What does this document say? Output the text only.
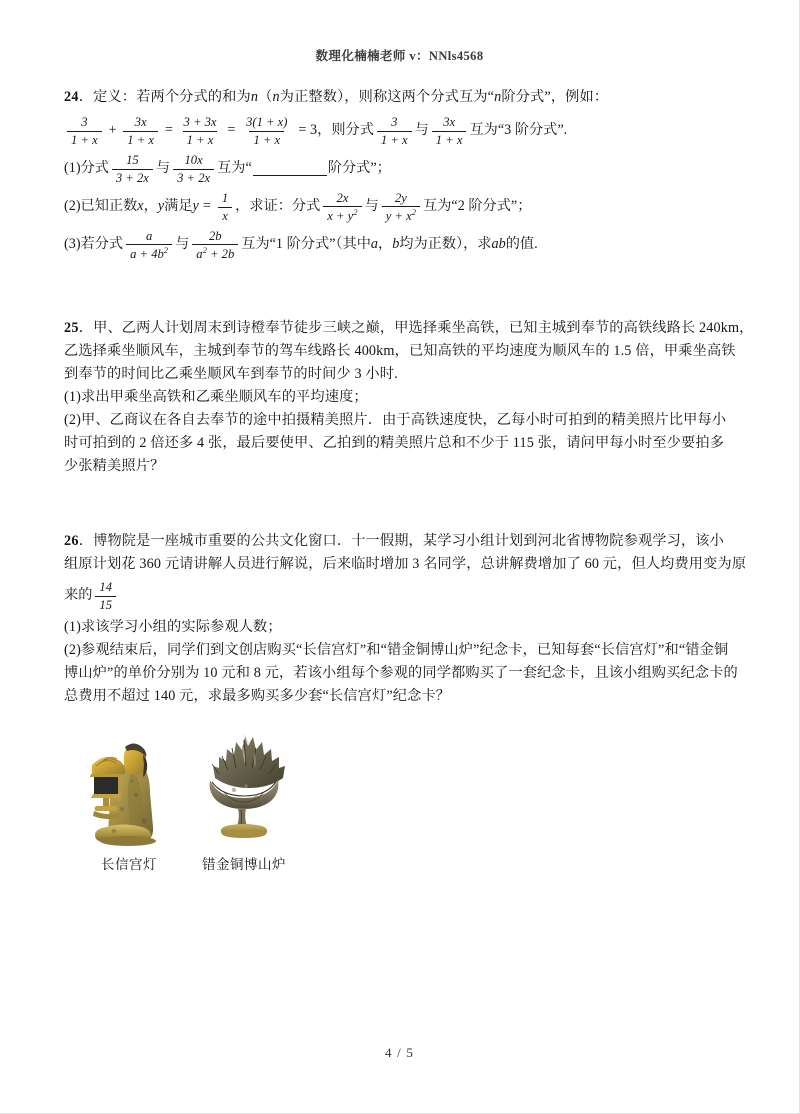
数理化楠楠老师 v：NNls4568
24．定义：若两个分式的和为n（n为正整数），则称这两个分式互为“n阶分式”，例如：
$\frac{3}{1 + x} + \frac{3x}{1 + x} = \frac{3 + 3x}{1 + x} = \frac{3(1 + x)}{1 + x} = 3$ ，则分式 $\frac{3}{1 + x}$ 与 $\frac{3x}{1 + x}$ 互为“3 阶分式”.
(1)分式 $\frac{15}{3 + 2x}$ 与 $\frac{10x}{3 + 2x}$ 互为“	阶分式”；
(2)已知正数 x ， y 满足 $y = \frac{1}{x}$ ，求证：分式 $\frac{2x}{x + y^2}$ 与 $\frac{2y}{y + x^2}$ 互为“2 阶分式”；
(3)若分式 $\frac{a}{a + 4b^2}$ 与 $\frac{2b}{a^2 + 2b}$ 互为“1 阶分式”（其中 a ， b 均为正数），求 ab 的值.
25．甲、乙两人计划周末到诗橙奉节徒步三峡之巅，甲选择乘坐高铁，已知主城到奉节的高铁线路长 240km，
乙选择乘坐顺风车，主城到奉节的驾车线路长 400km，已知高铁的平均速度为顺风车的 1.5 倍，甲乘坐高铁
到奉节的时间比乙乘坐顺风车到奉节的时间少 3 小时.
(1)求出甲乘坐高铁和乙乘坐顺风车的平均速度；
(2)甲、乙商议在各自去奉节的途中拍摄精美照片．由于高铁速度快，乙每小时可拍到的精美照片比甲每小
时可拍到的 2 倍还多 4 张，最后要使甲、乙拍到的精美照片总和不少于 115 张，请问甲每小时至少要拍多
少张精美照片？
26．博物院是一座城市重要的公共文化窗口．十一假期，某学习小组计划到河北省博物院参观学习，该小
组原计划花 360 元请讲解人员进行解说，后来临时增加 3 名同学，总讲解费增加了 60 元，但人均费用变为原
来的 $\frac{14}{15}$
(1)求该学习小组的实际参观人数；
(2)参观结束后，同学们到文创店购买“长信宫灯”和“错金铜博山炉”纪念卡，已知每套“长信宫灯”和“错金铜
博山炉”的单价分别为 10 元和 8 元，若该小组每个参观的同学都购买了一套纪念卡，且该小组购买纪念卡的
总费用不超过 140 元，求最多购买多少套“长信宫灯”纪念卡？
长信宫灯	错金铜博山炉
4 / 5
